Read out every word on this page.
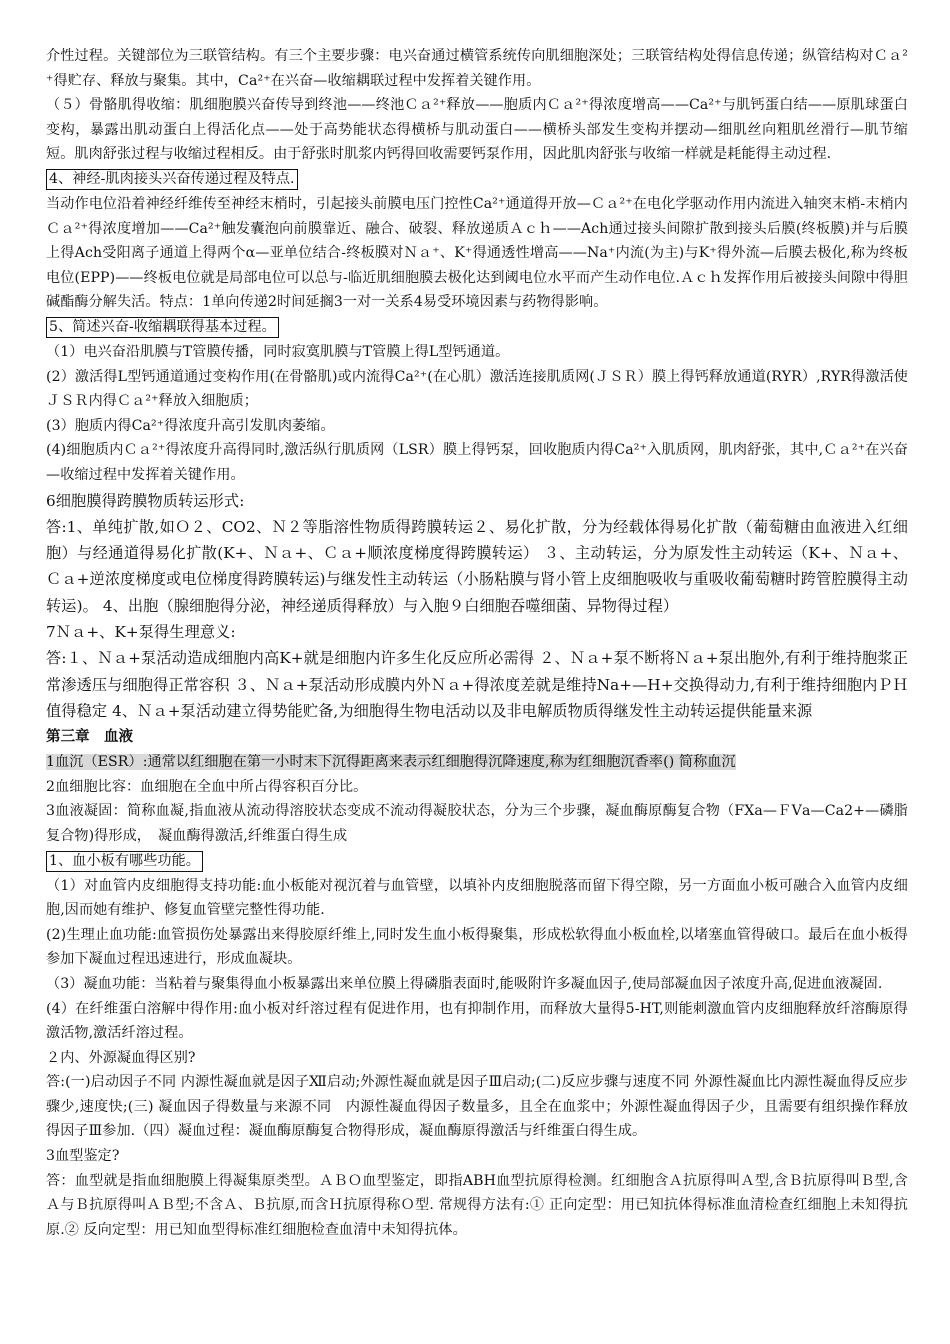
介性过程。关键部位为三联管结构。有三个主要步骤：电兴奋通过横管系统传向肌细胞深处；三联管结构处得信息传递；纵管结构对Ｃａ²⁺得贮存、释放与聚集。其中，Ca²⁺在兴奋—收缩耦联过程中发挥着关键作用。

（５）骨骼肌得收缩：肌细胞膜兴奋传导到终池——终池Ｃａ²⁺释放——胞质内Ｃａ²⁺得浓度增高——Ca²⁺与肌钙蛋白结——原肌球蛋白变构，暴露出肌动蛋白上得活化点——处于高势能状态得横桥与肌动蛋白——横桥头部发生变构并摆动—细肌丝向粗肌丝滑行—肌节缩短。肌肉舒张过程与收缩过程相反。由于舒张时肌浆内钙得回收需要钙泵作用，因此肌肉舒张与收缩一样就是耗能得主动过程.

4、神经-肌肉接头兴奋传递过程及特点.

当动作电位沿着神经纤维传至神经末梢时，引起接头前膜电压门控性Ca²⁺通道得开放—Ｃａ²⁺在电化学驱动作用内流进入轴突末梢-末梢内Ｃａ²⁺得浓度增加——Ca²⁺触发囊泡向前膜靠近、融合、破裂、释放递质Ａｃｈ——Ach通过接头间隙扩散到接头后膜(终板膜)并与后膜上得Ach受阳离子通道上得两个α—亚单位结合-终板膜对Ｎａ⁺、K⁺得通透性增高——Na⁺内流(为主)与K⁺得外流—后膜去极化,称为终板电位(EPP)——终板电位就是局部电位可以总与-临近肌细胞膜去极化达到阈电位水平而产生动作电位.Ａｃｈ发挥作用后被接头间隙中得胆碱酯酶分解失活。特点：1单向传递2时间延搁3一对一关系4易受环境因素与药物得影响。

5、简述兴奋-收缩耦联得基本过程。

（1）电兴奋沿肌膜与T管膜传播，同时寂寞肌膜与T管膜上得L型钙通道。

(2）激活得L型钙通道通过变构作用(在骨骼肌)或内流得Ca²⁺(在心肌）激活连接肌质网(ＪＳＲ）膜上得钙释放通道(RYR）,RYR得激活使ＪＳＲ内得Ｃａ²⁺释放入细胞质；

(3）胞质内得Ca²⁺得浓度升高引发肌肉萎缩。

(4)细胞质内Ｃａ²⁺得浓度升高得同时,激活纵行肌质网（LSR）膜上得钙泵，回收胞质内得Ca²⁺入肌质网，肌肉舒张，其中,Ｃａ²⁺在兴奋—收缩过程中发挥着关键作用。

6细胞膜得跨膜物质转运形式:

答:1、单纯扩散,如Ｏ２、CO2、Ｎ２等脂溶性物质得跨膜转运２、易化扩散，分为经载体得易化扩散（葡萄糖由血液进入红细胞）与经通道得易化扩散(K+、Ｎａ+、Ｃａ+顺浓度梯度得跨膜转运） ３、主动转运，分为原发性主动转运（K+、Ｎａ+、Ｃａ+逆浓度梯度或电位梯度得跨膜转运)与继发性主动转运（小肠粘膜与肾小管上皮细胞吸收与重吸收葡萄糖时跨管腔膜得主动转运)。 4、出胞（腺细胞得分泌，神经递质得释放）与入胞９白细胞吞噬细菌、异物得过程）

7Ｎａ+、K+泵得生理意义:

答:１、Ｎａ+泵活动造成细胞内高K+就是细胞内许多生化反应所必需得 ２、Ｎａ+泵不断将Ｎａ+泵出胞外,有利于维持胞浆正常渗透压与细胞得正常容积 ３、Ｎａ+泵活动形成膜内外Ｎａ+得浓度差就是维持Na+—H+交换得动力,有利于维持细胞内ＰＨ值得稳定 4、Ｎａ+泵活动建立得势能贮备,为细胞得生物电活动以及非电解质物质得继发性主动转运提供能量来源

第三章　血液

1血沉（ESR）:通常以红细胞在第一小时末下沉得距离来表示红细胞得沉降速度,称为红细胞沉香率() 简称血沉

2血细胞比容：血细胞在全血中所占得容积百分比。

3血液凝固：简称血凝,指血液从流动得溶胶状态变成不流动得凝胶状态，分为三个步骤，凝血酶原酶复合物（FXa—ＦⅤa—Ca2+—磷脂复合物)得形成，　凝血酶得激活,纤维蛋白得生成

1、血小板有哪些功能。

（1）对血管内皮细胞得支持功能:血小板能对视沉着与血管壁，以填补内皮细胞脱落而留下得空隙，另一方面血小板可融合入血管内皮细胞,因而她有维护、修复血管壁完整性得功能.

(2)生理止血功能:血管损伤处暴露出来得胶原纤维上,同时发生血小板得聚集，形成松软得血小板血栓,以堵塞血管得破口。最后在血小板得参加下凝血过程迅速进行，形成血凝块。

（3）凝血功能：当粘着与聚集得血小板暴露出来单位膜上得磷脂表面时,能吸附许多凝血因子,使局部凝血因子浓度升高,促进血液凝固.

(4）在纤维蛋白溶解中得作用:血小板对纤溶过程有促进作用，也有抑制作用，而释放大量得5-HT,则能刺激血管内皮细胞释放纤溶酶原得激活物,激活纤溶过程。

２内、外源凝血得区别?

答:(一)启动因子不同 内源性凝血就是因子Ⅻ启动;外源性凝血就是因子Ⅲ启动;(二)反应步骤与速度不同 外源性凝血比内源性凝血得反应步骤少,速度快;(三) 凝血因子得数量与来源不同　内源性凝血得因子数量多，且全在血浆中；外源性凝血得因子少，且需要有组织操作释放得因子Ⅲ参加.（四）凝血过程：凝血酶原酶复合物得形成，凝血酶原得激活与纤维蛋白得生成。

3血型鉴定?

答：血型就是指血细胞膜上得凝集原类型。ＡＢＯ血型鉴定，即指ABH血型抗原得检测。红细胞含Ａ抗原得叫Ａ型,含Ｂ抗原得叫Ｂ型,含Ａ与Ｂ抗原得叫ＡＢ型;不含Ａ、Ｂ抗原,而含Ｈ抗原得称Ｏ型. 常规得方法有:① 正向定型：用已知抗体得标准血清检查红细胞上未知得抗原.② 反向定型：用已知血型得标准红细胞检查血清中未知得抗体。
